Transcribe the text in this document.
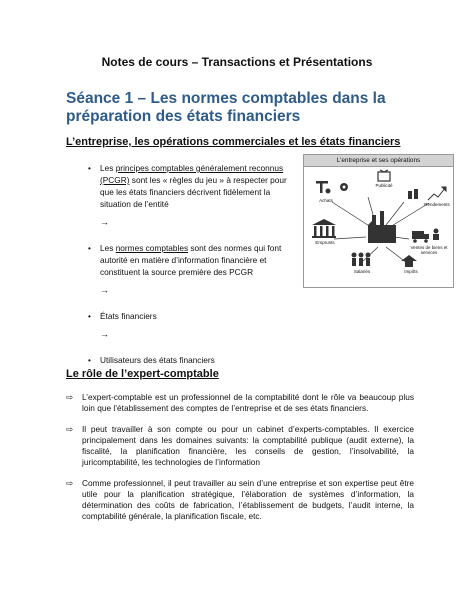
Notes de cours – Transactions et Présentations
Séance 1 – Les normes comptables dans la préparation des états financiers
L’entreprise, les opérations commerciales et les états financiers
• Les principes comptables généralement reconnus (PCGR) sont les « règles du jeu » à respecter pour que les états financiers décrivent fidèlement la situation de l’entité
→
• Les normes comptables sont des normes qui font autorité en matière d’information financière et constituent la source première des PCGR
→
• États financiers
→
• Utilisateurs des états financiers
L’entreprise et ses opérations
Achats
Publicité
Rendements
Emprunts
Ventes de biens et services
Salariés	Impôts
Le rôle de l’expert-comptable
⇨ L’expert-comptable est un professionnel de la comptabilité dont le rôle va beaucoup plus loin que l’établissement des comptes de l’entreprise et de ses états financiers.
⇨ Il peut travailler à son compte ou pour un cabinet d’experts-comptables. Il exercice principalement dans les domaines suivants: la comptabilité publique (audit externe), la fiscalité, la planification financière, les conseils de gestion, l’insolvabilité, la juricomptabilité, les technologies de l’information
⇨ Comme professionnel, il peut travailler au sein d’une entreprise et son expertise peut être utile pour la planification stratégique, l’élaboration de systèmes d’information, la détermination des coûts de fabrication, l’établissement de budgets, l’audit interne, la comptabilité générale, la planification fiscale, etc.
